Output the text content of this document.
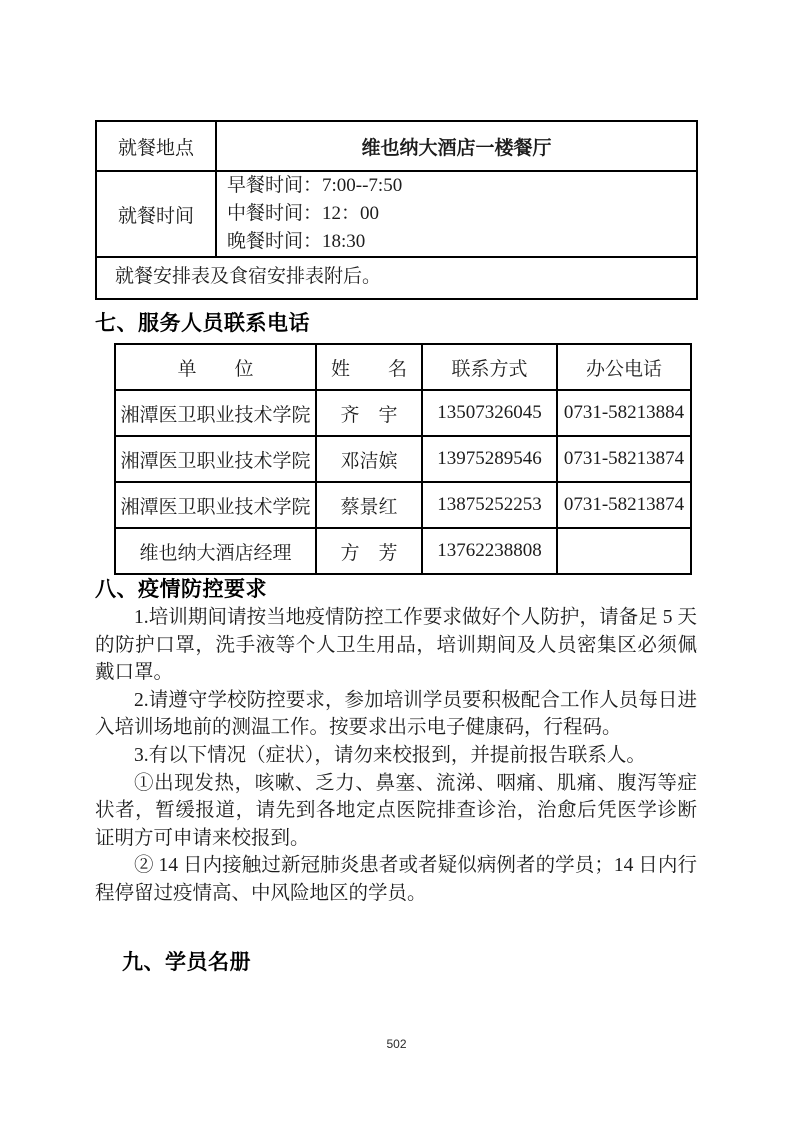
就餐地点	维也纳大酒店一楼餐厅
就餐时间	早餐时间：7:00--7:50
中餐时间：12：00
晚餐时间：18:30

就餐安排表及食宿安排表附后。	
七、服务人员联系电话
单　　位	姓　　名	联系方式	办公电话
湘潭医卫职业技术学院	齐　宇	13507326045	0731-58213884
湘潭医卫职业技术学院	邓洁嫔	13975289546	0731-58213874
湘潭医卫职业技术学院	蔡景红	13875252253	0731-58213874
维也纳大酒店经理	方　芳	13762238808	
八、疫情防控要求

1.培训期间请按当地疫情防控工作要求做好个人防护，请备足 5 天的防护口罩，洗手液等个人卫生用品，培训期间及人员密集区必须佩戴口罩。

2.请遵守学校防控要求，参加培训学员要积极配合工作人员每日进入培训场地前的测温工作。按要求出示电子健康码，行程码。

3.有以下情况（症状），请勿来校报到，并提前报告联系人。

①出现发热，咳嗽、乏力、鼻塞、流涕、咽痛、肌痛、腹泻等症状者，暂缓报道，请先到各地定点医院排查诊治，治愈后凭医学诊断证明方可申请来校报到。

② 14 日内接触过新冠肺炎患者或者疑似病例者的学员；14 日内行程停留过疫情高、中风险地区的学员。

九、学员名册
502
